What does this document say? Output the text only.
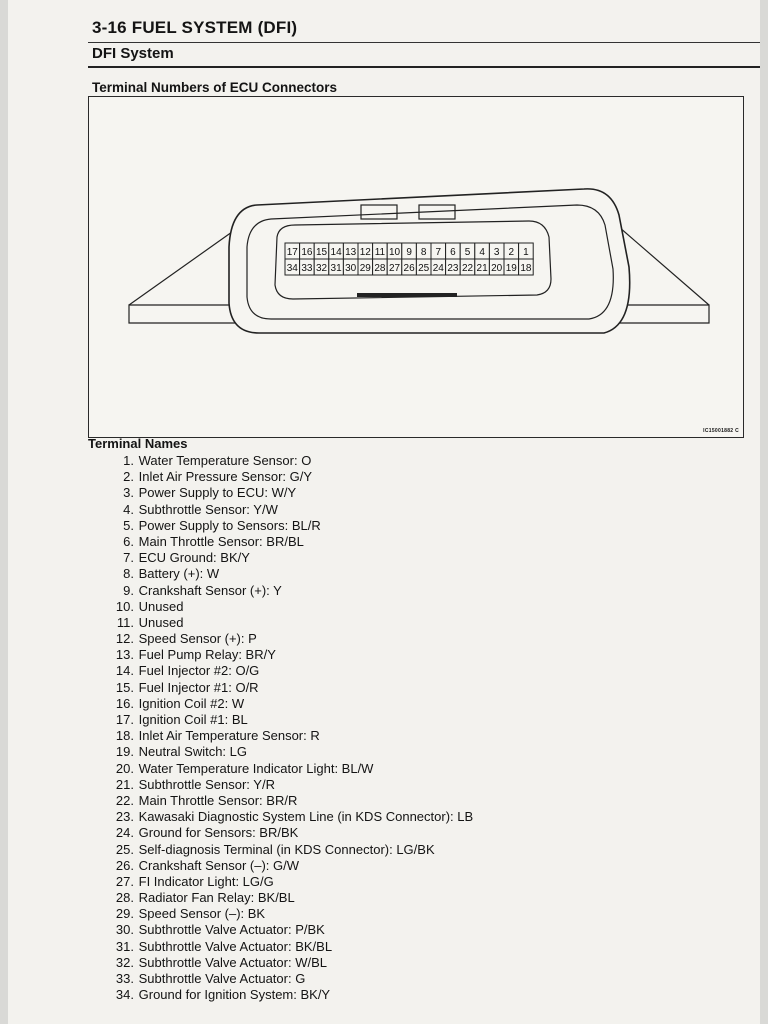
3-16 FUEL SYSTEM (DFI)
DFI System
Terminal Numbers of ECU Connectors
17 16 15 14 13 12 11 10 9 8 7 6 5 4 3 2 1
34 33 32 31 30 29 28 27 26 25 24 23 22 21 20 19 18
IC15001882 C
Terminal Names
1. Water Temperature Sensor: O
2. Inlet Air Pressure Sensor: G/Y
3. Power Supply to ECU: W/Y
4. Subthrottle Sensor: Y/W
5. Power Supply to Sensors: BL/R
6. Main Throttle Sensor: BR/BL
7. ECU Ground: BK/Y
8. Battery (+): W
9. Crankshaft Sensor (+): Y
10. Unused
11. Unused
12. Speed Sensor (+): P
13. Fuel Pump Relay: BR/Y
14. Fuel Injector #2: O/G
15. Fuel Injector #1: O/R
16. Ignition Coil #2: W
17. Ignition Coil #1: BL
18. Inlet Air Temperature Sensor: R
19. Neutral Switch: LG
20. Water Temperature Indicator Light: BL/W
21. Subthrottle Sensor: Y/R
22. Main Throttle Sensor: BR/R
23. Kawasaki Diagnostic System Line (in KDS Connector): LB
24. Ground for Sensors: BR/BK
25. Self-diagnosis Terminal (in KDS Connector): LG/BK
26. Crankshaft Sensor (–): G/W
27. FI Indicator Light: LG/G
28. Radiator Fan Relay: BK/BL
29. Speed Sensor (–): BK
30. Subthrottle Valve Actuator: P/BK
31. Subthrottle Valve Actuator: BK/BL
32. Subthrottle Valve Actuator: W/BL
33. Subthrottle Valve Actuator: G
34. Ground for Ignition System: BK/Y
